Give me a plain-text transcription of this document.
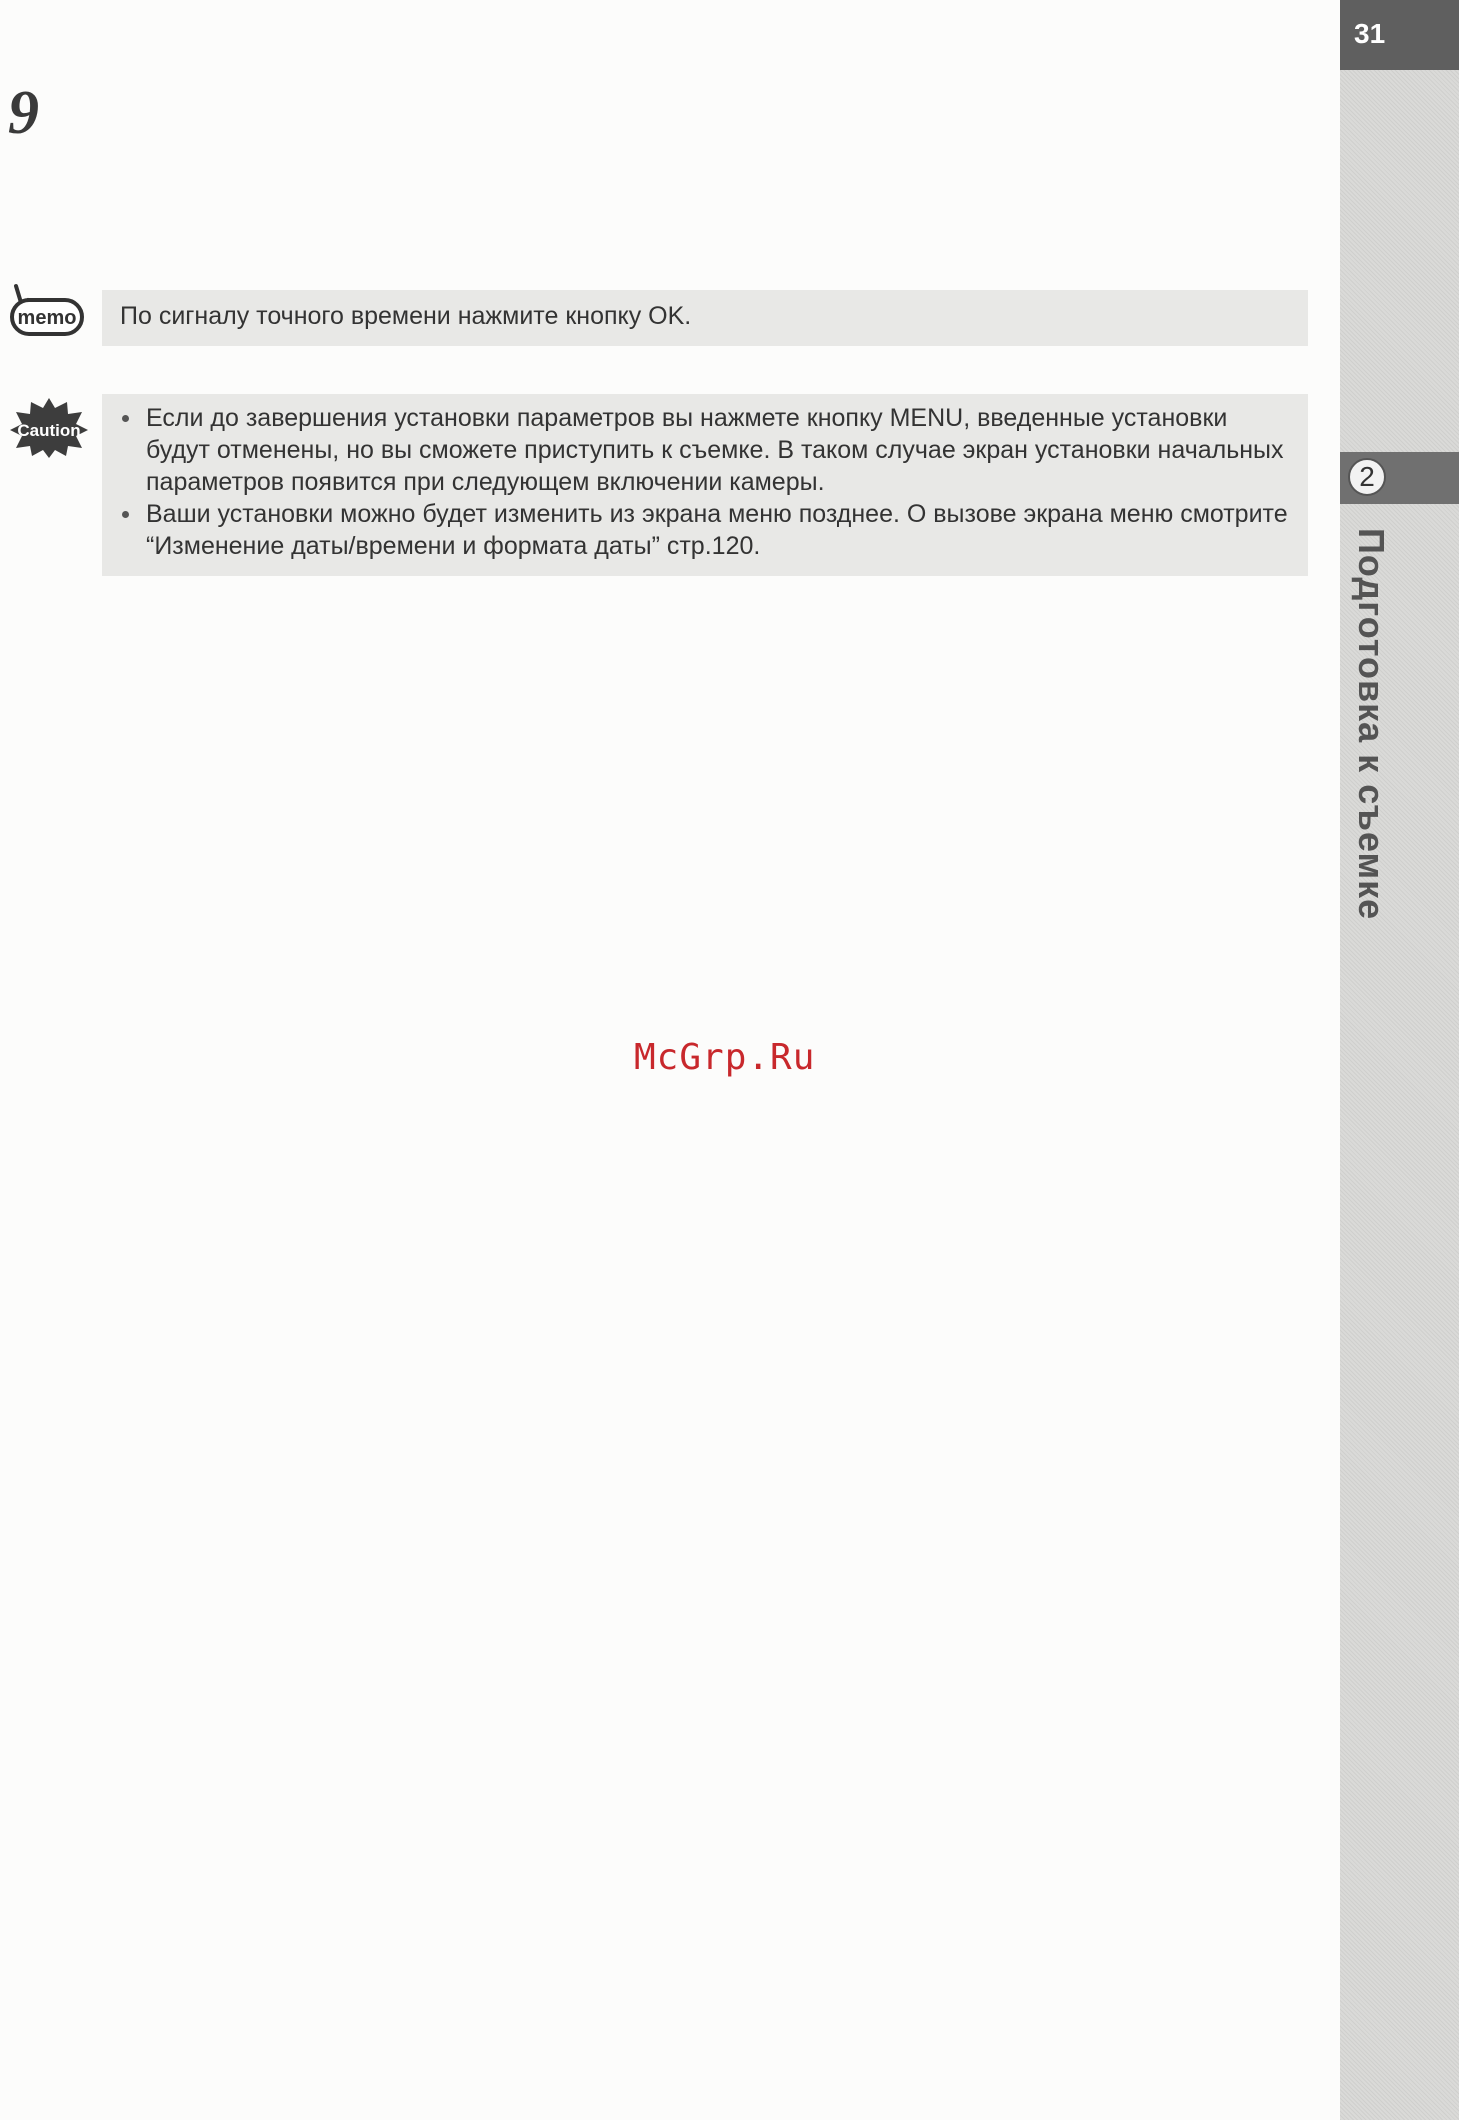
9
memo	По сигналу точного времени нажмите кнопку OK.
Caution	Если до завершения установки параметров вы нажмете кнопку MENU, введенные установки будут отменены, но вы сможете приступить к съемке. В таком случае экран установки начальных параметров появится при следующем включении камеры.
Ваши установки можно будет изменить из экрана меню позднее. О вызове экрана меню смотрите “Изменение даты/времени и формата даты” стр.120.
31
2
Подготовка к съемке
McGrp.Ru
